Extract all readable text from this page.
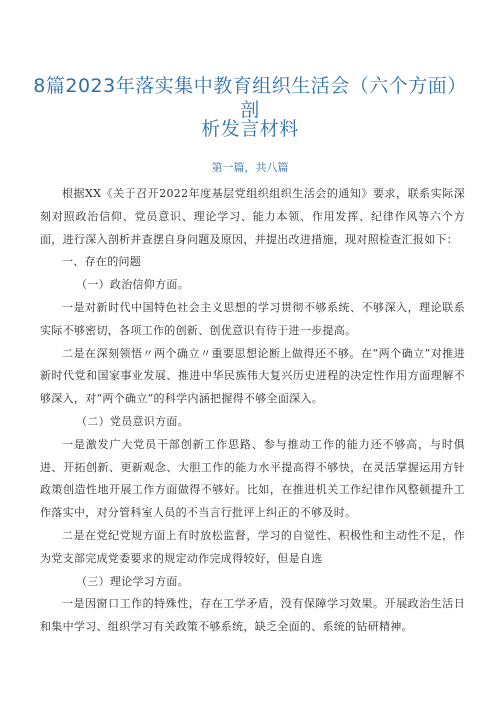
8篇2023年落实集中教育组织生活会（六个方面）剖
析发言材料
第一篇，共八篇

根据XX《关于召开2022年度基层党组织组织生活会的通知》要求，联系实际深刻对照政治信仰、党员意识、理论学习、能力本领、作用发挥、纪律作风等六个方面，进行深入剖析并查摆自身问题及原因，并提出改进措施，现对照检查汇报如下：

一、存在的问题

（一）政治信仰方面。

一是对新时代中国特色社会主义思想的学习贯彻不够系统、不够深入，理论联系实际不够密切，各项工作的创新、创优意识有待于进一步提高。

二是在深刻领悟〃两个确立〃重要思想论断上做得还不够。在“两个确立”对推进新时代党和国家事业发展、推进中华民族伟大复兴历史进程的决定性作用方面理解不够深入，对“两个确立”的科学内涵把握得不够全面深入。

（二）党员意识方面。

一是激发广大党员干部创新工作思路、参与推动工作的能力还不够高，与时俱进、开拓创新、更新观念、大胆工作的能力水平提高得不够快，在灵活掌握运用方针政策创造性地开展工作方面做得不够好。比如，在推进机关工作纪律作风整顿提升工作落实中，对分管科室人员的不当言行批评上纠正的不够及时。

二是在党纪党规方面上有时放松监督，学习的自觉性、积极性和主动性不足，作为党支部完成党委要求的规定动作完成得较好，但是自选

（三）理论学习方面。

一是因窗口工作的特殊性，存在工学矛盾，没有保障学习效果。开展政治生活日和集中学习、组织学习有关政策不够系统，缺乏全面的、系统的钻研精神。
